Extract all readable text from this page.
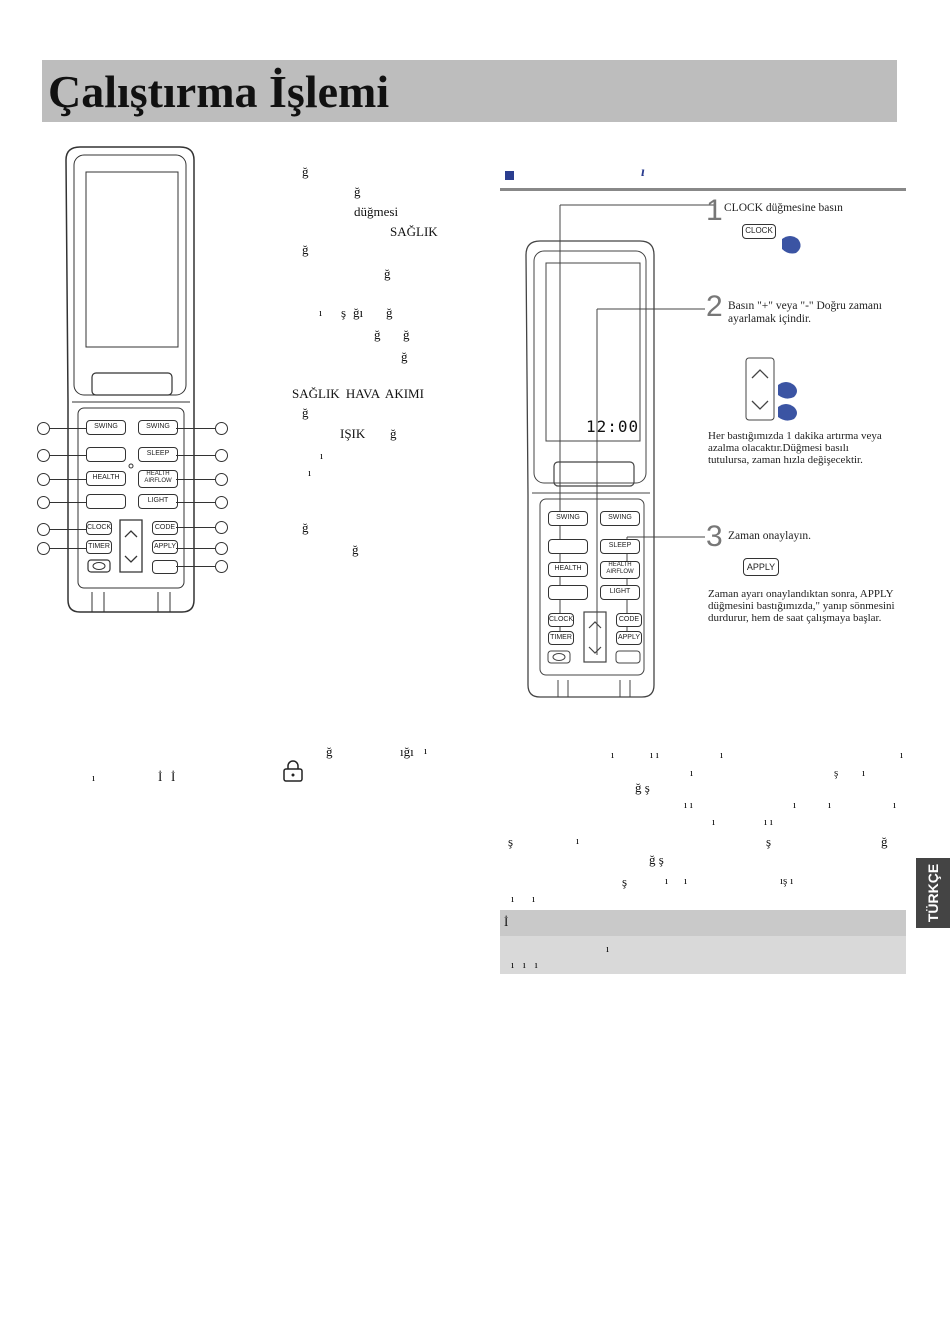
Çalıştırma İşlemi
SWING	SWING
SLEEP
HEALTH	HEALTH AIRFLOW
LIGHT
CLOCK	CODE
TIMER	APPLY
ğ
ğ
düğmesi
SAĞLIK
ğ
ğ
ı ş ğı ğ
ğ ğ
ğ
SAĞLIK HAVA AKIMI
ğ
IŞIK ğ
ı
ı
ğ
ğ
ı
12:00
SWING	SWING
SLEEP
HEALTH	HEALTH AIRFLOW
LIGHT
CLOCK	CODE
TIMER	APPLY
1 CLOCK düğmesine basın
CLOCK
2 Basın "+" veya "-" Doğru zamanı ayarlamak içindir.
Her bastığımızda 1 dakika artırma veya azalma olacaktır.Düğmesi basılı tutulursa, zaman hızla değişecektir.
3 Zaman onaylayın.
APPLY
Zaman ayarı onaylandıktan sonra, APPLY düğmesini bastığımızda," yanıp sönmesini durdurur, hem de saat çalışmaya başlar.
ğ	ığı ı
ı	İ İ
ı	ı ı	ı	ı
ı	ş ı
ğ ş
ı ı	ı	ı	ı
ı	ı ı
ş	ı	ş	ğ
ğ ş
ş	ı ı	ış ı
ı ı
İ
ı
ı ı ı
TÜRKÇE
